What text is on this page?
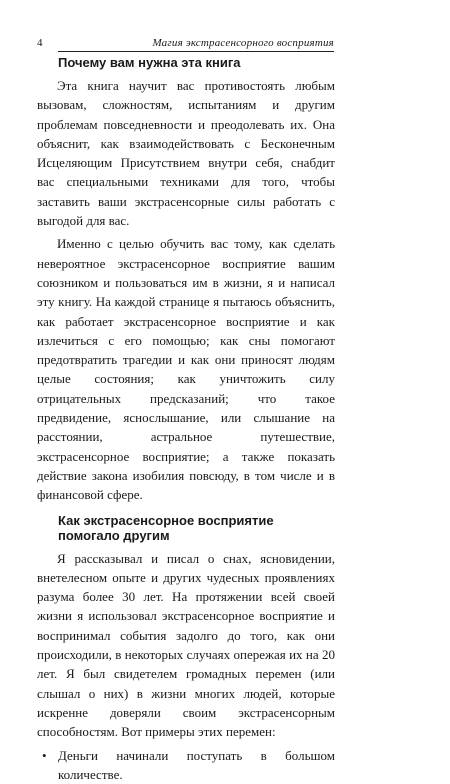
4	Магия экстрасенсорного восприятия
Почему вам нужна эта книга

Эта книга научит вас противостоять любым вызовам, сложностям, испытаниям и другим проблемам повседневности и преодолевать их. Она объяснит, как взаимодействовать с Бесконечным Исцеляющим Присутствием внутри себя, снабдит вас специальными техниками для того, чтобы заставить ваши экстрасенсорные силы работать с выгодой для вас.

Именно с целью обучить вас тому, как сделать невероятное экстрасенсорное восприятие вашим союзником и пользоваться им в жизни, я и написал эту книгу. На каждой странице я пытаюсь объяснить, как работает экстрасенсорное восприятие и как излечиться с его помощью; как сны помогают предотвратить трагедии и как они приносят людям целые состояния; как уничтожить силу отрицательных предсказаний; что такое предвидение, яснослышание, или слышание на расстоянии, астральное путешествие, экстрасенсорное восприятие; а также показать действие закона изобилия повсюду, в том числе и в финансовой сфере.

Как экстрасенсорное восприятие
помогало другим

Я рассказывал и писал о снах, ясновидении, внетелесном опыте и других чудесных проявлениях разума более 30 лет. На протяжении всей своей жизни я использовал экстрасенсорное восприятие и воспринимал события задолго до того, как они происходили, в некоторых случаях опережая их на 20 лет. Я был свидетелем громадных перемен (или слышал о них) в жизни многих людей, которые искренне доверяли своим экстрасенсорным способностям. Вот примеры этих перемен:

• Деньги начинали поступать в большом количестве.
